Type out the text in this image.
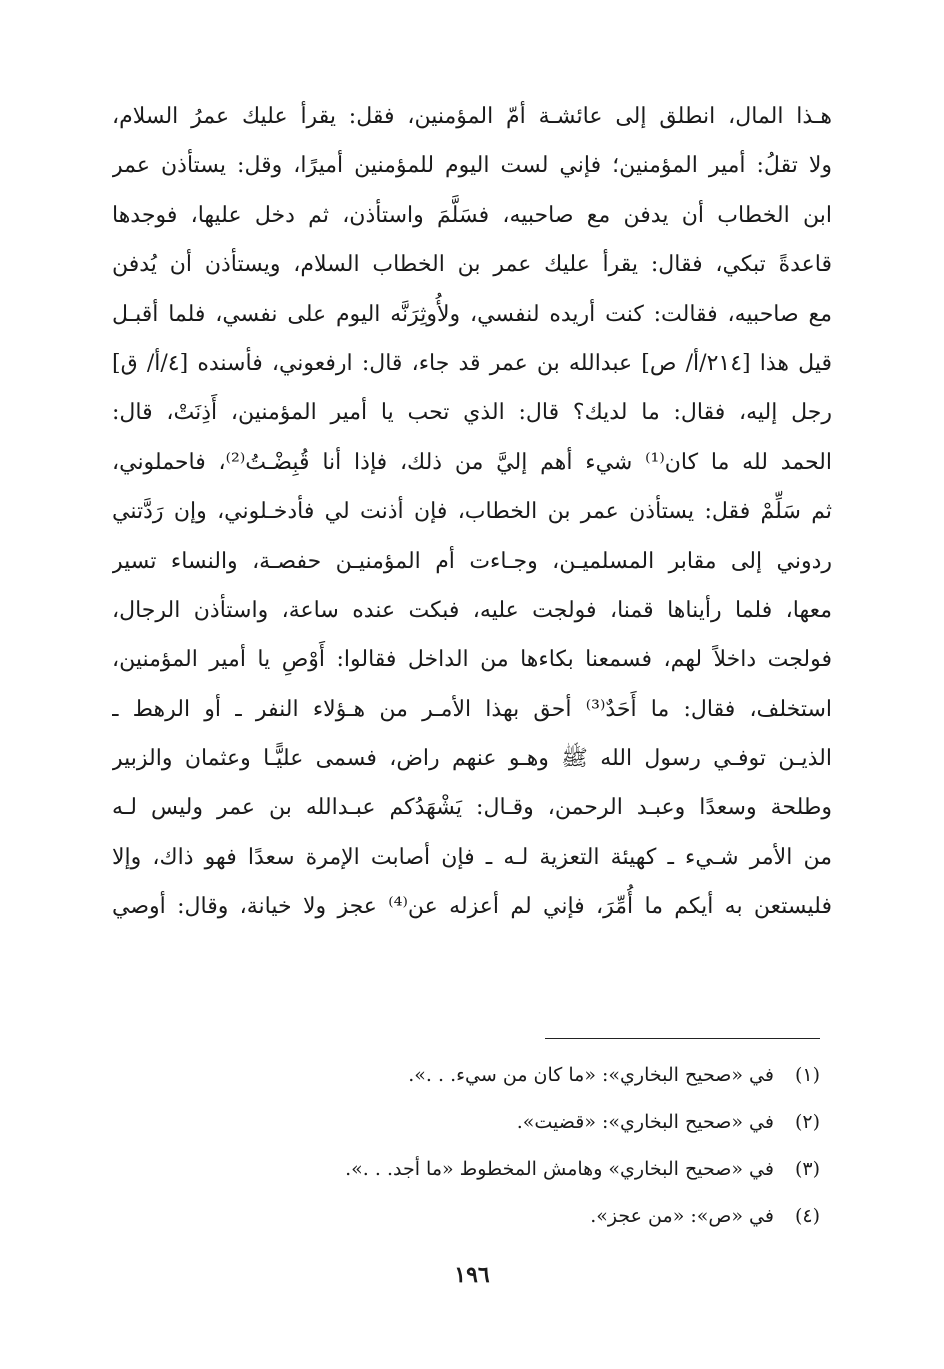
هـذا المال، انطلق إلى عائشـة أمّ المؤمنين، فقل: يقرأ عليك عمرُ السلام،
ولا تقلُ: أمير المؤمنين؛ فإني لست اليوم للمؤمنين أميرًا، وقل: يستأذن عمر
ابن الخطاب أن يدفن مع صاحبيه، فسَلَّمَ واستأذن، ثم دخل عليها، فوجدها
قاعدةً تبكي، فقال: يقرأ عليك عمر بن الخطاب السلام، ويستأذن أن يُدفن
مع صاحبيه، فقالت: كنت أريده لنفسي، ولأُوثِرَنَّه اليوم على نفسي، فلما أقبـل
قيل هذا [٢١٤/أ/ ص] عبدالله بن عمر قد جاء، قال: ارفعوني، فأسنده [٤/أ/ ق]
رجل إليه، فقال: ما لديك؟ قال: الذي تحب يا أمير المؤمنين، أَذِنَتْ، قال:
الحمد لله ما كان⁽¹⁾ شيء أهم إليَّ من ذلك، فإذا أنا قُبِضْـتُ⁽²⁾، فاحملوني،
ثم سَلِّمْ فقل: يستأذن عمر بن الخطاب، فإن أذنت لي فأدخـلوني، وإن رَدَّتني
ردوني إلى مقابر المسلميـن، وجـاءت أم المؤمنيـن حفصـة، والنساء تسير
معها، فلما رأيناها قمنا، فولجت عليه، فبكت عنده ساعة، واستأذن الرجال،
فولجت داخلاً لهم، فسمعنا بكاءها من الداخل فقالوا: أَوْصِ يا أمير المؤمنين،
استخلف، فقال: ما أَحَدٌ⁽³⁾ أحق بهذا الأمـر من هـؤلاء النفر ـ أو الرهط ـ
الذيـن توفـي رسول الله ﷺ وهـو عنهم راض، فسمى عليًّـا وعثمان والزبير
وطلحة وسعدًا وعبـد الرحمن، وقـال: يَشْهَدُكم عبـدالله بن عمر وليس لـه
من الأمر شـيء ـ كهيئة التعزية لـه ـ فإن أصابت الإمرة سعدًا فهو ذاك، وإلا
فليستعن به أيكم ما أُمِّرَ، فإني لم أعزله عن⁽⁴⁾ عجز ولا خيانة، وقال: أوصي
(١) في «صحيح البخاري»: «ما كان من سيء. . .».
(٢) في «صحيح البخاري»: «قضيت».
(٣) في «صحيح البخاري» وهامش المخطوط «ما أجد. . .».
(٤) في «ص»: «من عجز».
١٩٦
